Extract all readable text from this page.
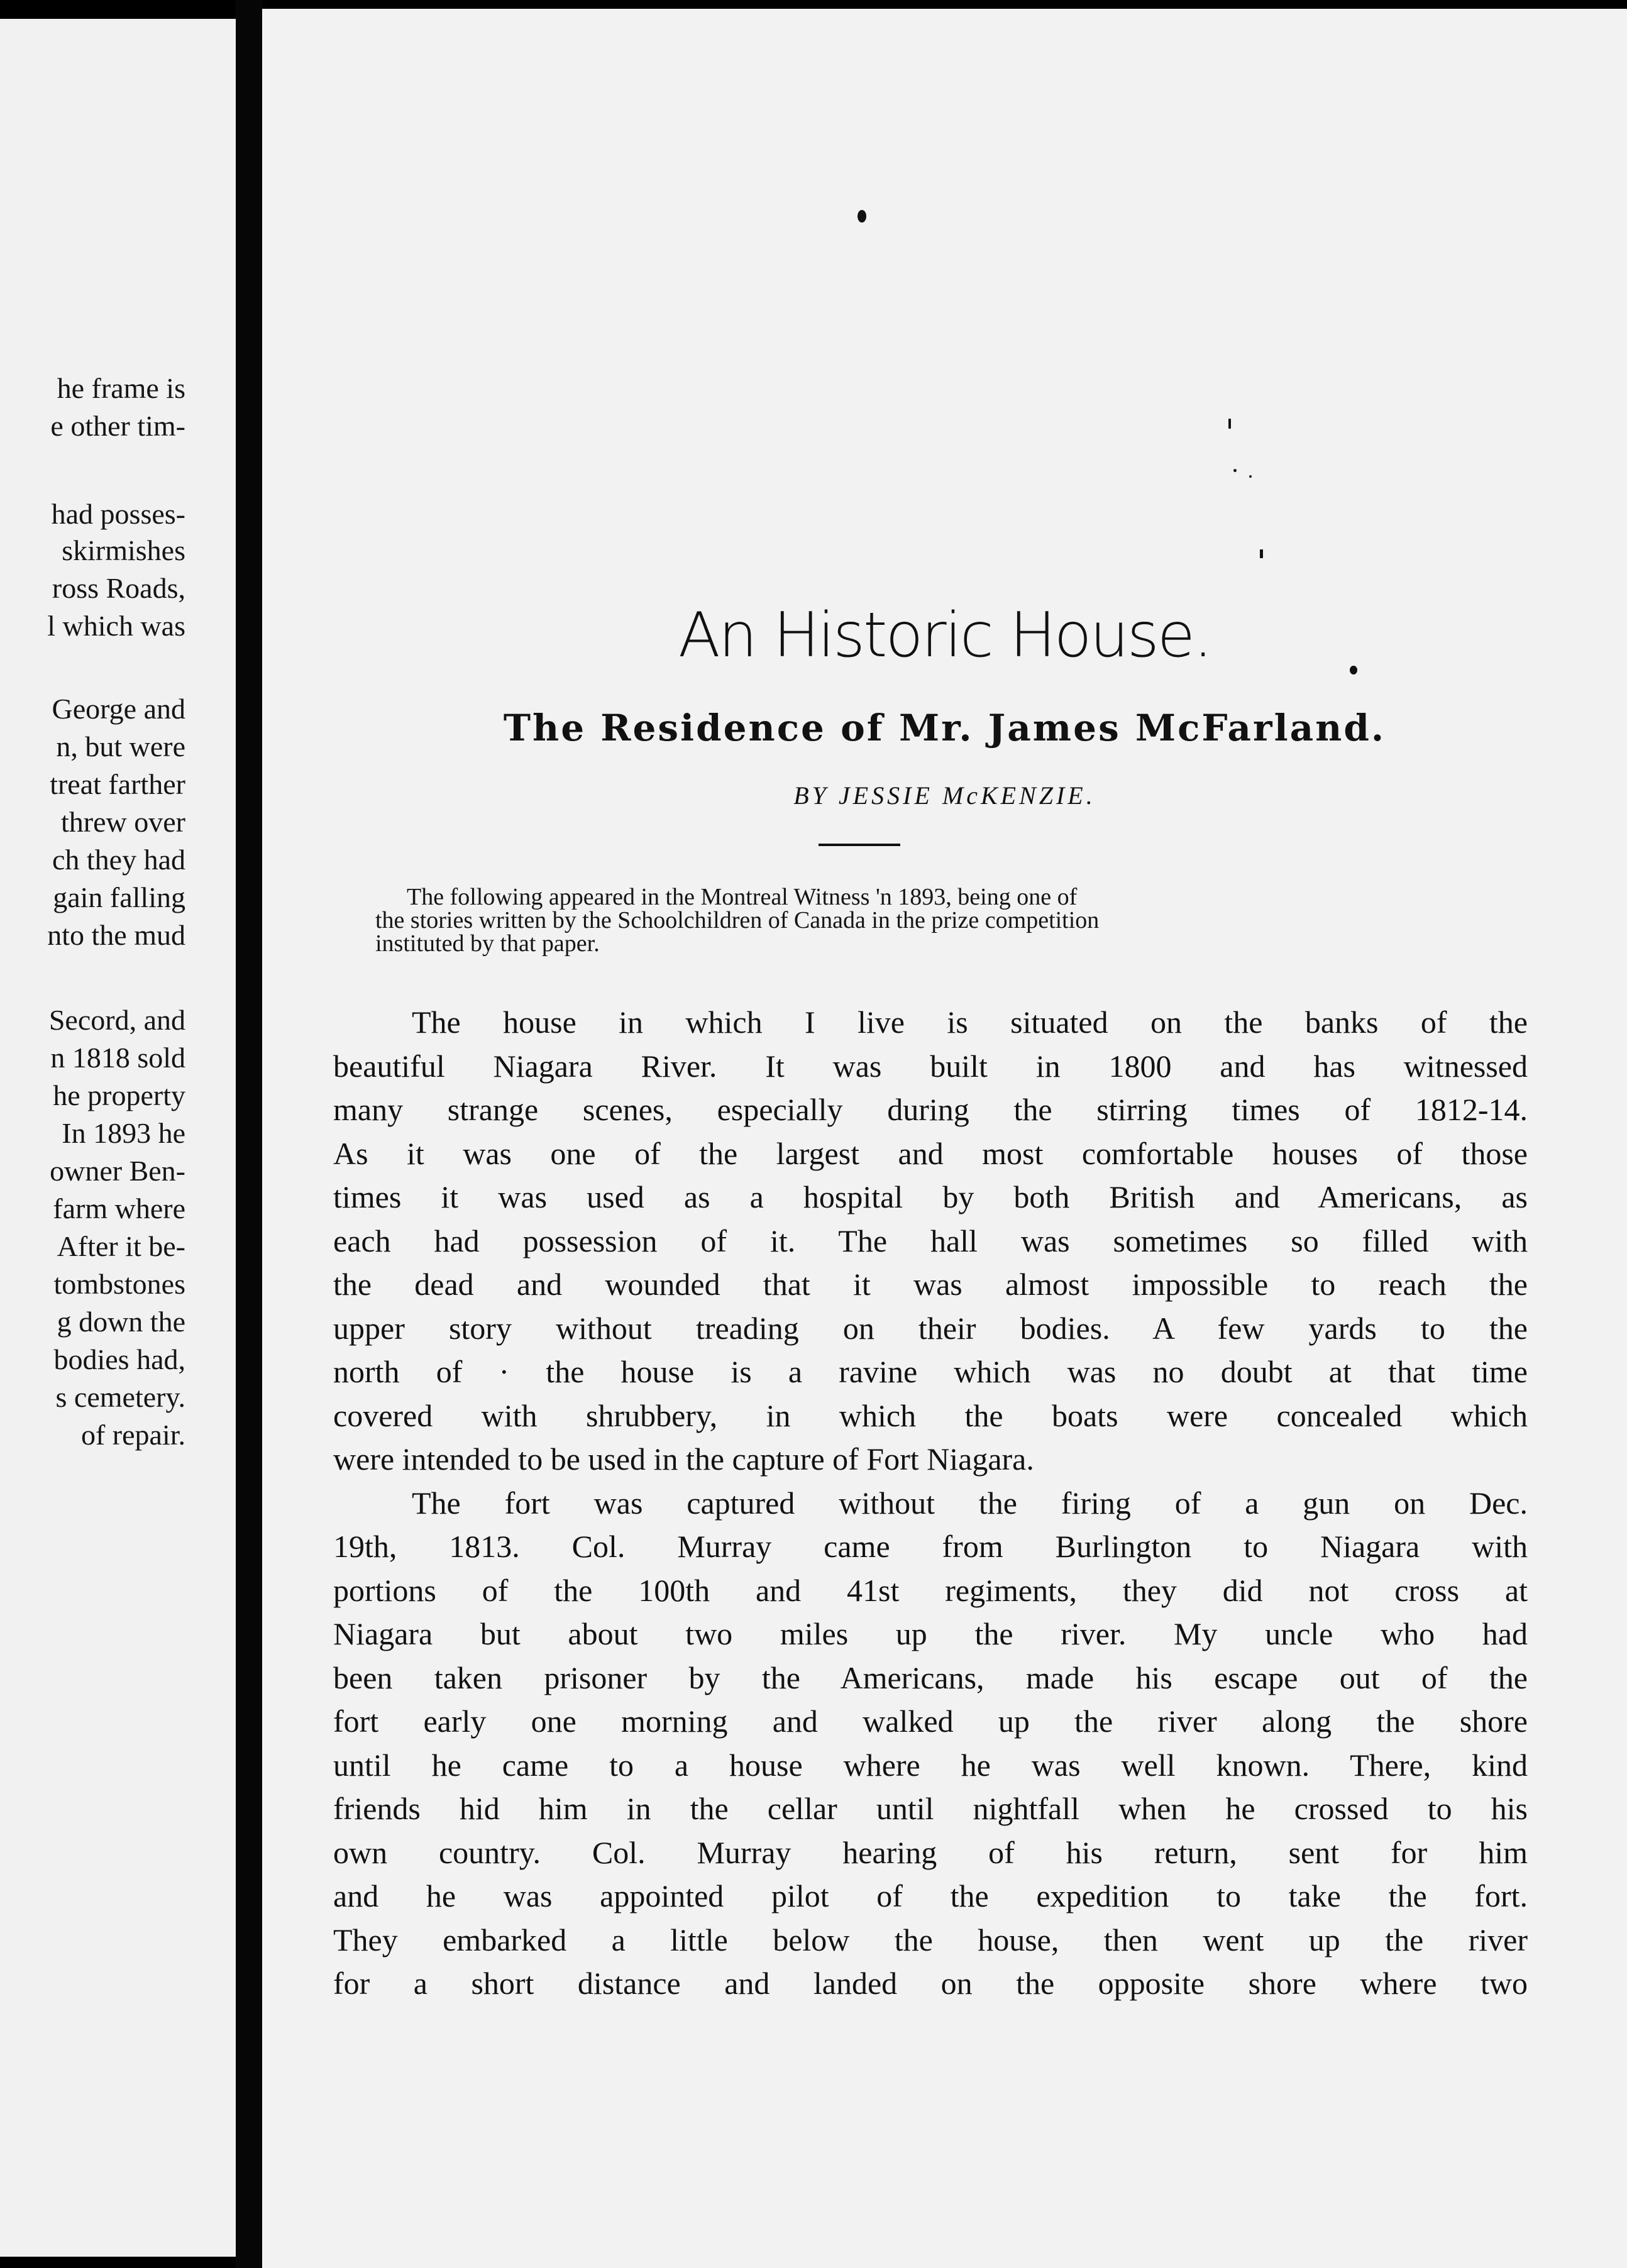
he frame is
e other tim-
had posses-
skirmishes
ross Roads,
l which was
George and
n, but were
treat farther
threw over
ch they had
gain falling
nto the mud
Secord, and
n 1818 sold
he property
In 1893 he
owner Ben-
farm where
After it be-
tombstones
g down the
bodies had,
s cemetery.
of repair.
An Historic House.
The Residence of Mr. James McFarland.
BY JESSIE McKENZIE.
The following appeared in the Montreal Witness 'n 1893, being one of
the stories written by the Schoolchildren of Canada in the prize competition
instituted by that paper.
The house in which I live is situated on the banks of the
beautiful Niagara River. It was built in 1800 and has witnessed
many strange scenes, especially during the stirring times of 1812-14.
As it was one of the largest and most comfortable houses of those
times it was used as a hospital by both British and Americans, as
each had possession of it. The hall was sometimes so filled with
the dead and wounded that it was almost impossible to reach the
upper story without treading on their bodies. A few yards to the
north of · the house is a ravine which was no doubt at that time
covered with shrubbery, in which the boats were concealed which
were intended to be used in the capture of Fort Niagara.
The fort was captured without the firing of a gun on Dec.
19th, 1813. Col. Murray came from Burlington to Niagara with
portions of the 100th and 41st regiments, they did not cross at
Niagara but about two miles up the river. My uncle who had
been taken prisoner by the Americans, made his escape out of the
fort early one morning and walked up the river along the shore
until he came to a house where he was well known. There, kind
friends hid him in the cellar until nightfall when he crossed to his
own country. Col. Murray hearing of his return, sent for him
and he was appointed pilot of the expedition to take the fort.
They embarked a little below the house, then went up the river
for a short distance and landed on the opposite shore where two
